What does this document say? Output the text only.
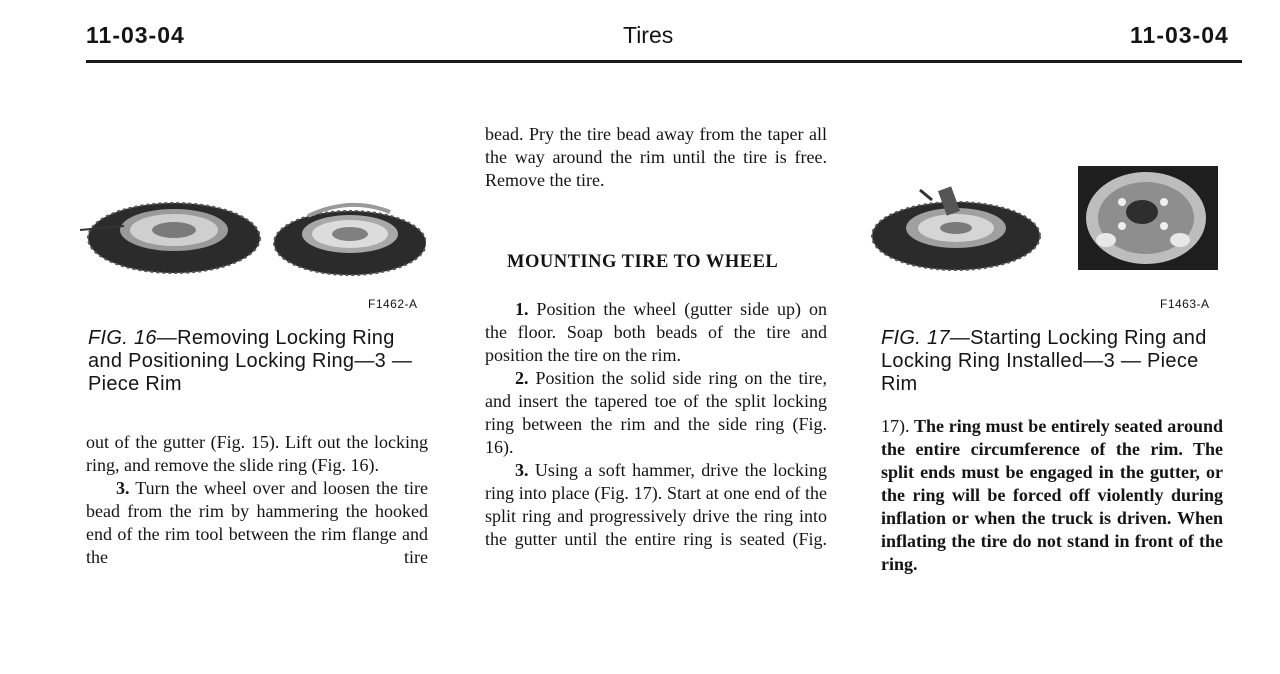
11-03-04	Tires	11-03-04
F1462-A
FIG. 16—Removing Locking Ring and Positioning Locking Ring—3 — Piece Rim
F1463-A
FIG. 17—Starting Locking Ring and Locking Ring Installed—3 — Piece Rim

out of the gutter (Fig. 15). Lift out the locking ring, and remove the slide ring (Fig. 16).

3. Turn the wheel over and loosen the tire bead from the rim by hammering the hooked end of the rim tool between the rim flange and the tire

bead. Pry the tire bead away from the taper all the way around the rim until the tire is free. Remove the tire.

MOUNTING TIRE TO WHEEL

1. Position the wheel (gutter side up) on the floor. Soap both beads of the tire and position the tire on the rim.

2. Position the solid side ring on the tire, and insert the tapered toe of the split locking ring between the rim and the side ring (Fig. 16).

3. Using a soft hammer, drive the locking ring into place (Fig. 17). Start at one end of the split ring and progressively drive the ring into the gutter until the entire ring is seated (Fig.

17). The ring must be entirely seated around the entire circumference of the rim. The split ends must be engaged in the gutter, or the ring will be forced off violently during inflation or when the truck is driven. When inflating the tire do not stand in front of the ring.
